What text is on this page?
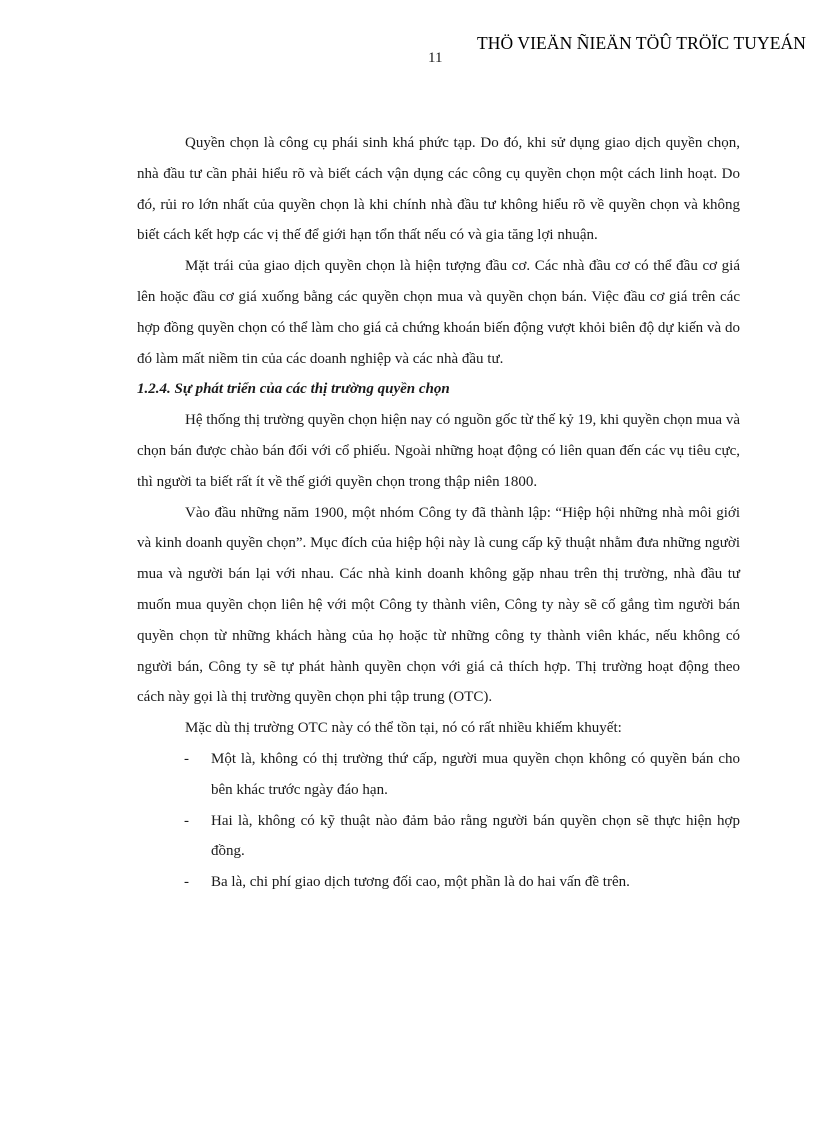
THÖ VIEÄN ÑIEÄN TÖÛ TRÖÏC TUYEÁN
11

Quyền chọn là công cụ phái sinh khá phức tạp. Do đó, khi sử dụng giao dịch quyền chọn, nhà đầu tư cần phải hiểu rõ và biết cách vận dụng các công cụ quyền chọn một cách linh hoạt. Do đó, rủi ro lớn nhất của quyền chọn là khi chính nhà đầu tư không hiểu rõ về quyền chọn và không biết cách kết hợp các vị thế để giới hạn tổn thất nếu có và gia tăng lợi nhuận.

Mặt trái của giao dịch quyền chọn là hiện tượng đầu cơ. Các nhà đầu cơ có thể đầu cơ giá lên hoặc đầu cơ giá xuống bằng các quyền chọn mua và quyền chọn bán. Việc đầu cơ giá trên các hợp đồng quyền chọn có thể làm cho giá cả chứng khoán biến động vượt khỏi biên độ dự kiến và do đó làm mất niềm tin của các doanh nghiệp và các nhà đầu tư.

1.2.4. Sự phát triển của các thị trường quyền chọn

Hệ thống thị trường quyền chọn hiện nay có nguồn gốc từ thế kỷ 19, khi quyền chọn mua và chọn bán được chào bán đối với cổ phiếu. Ngoài những hoạt động có liên quan đến các vụ tiêu cực, thì người ta biết rất ít về thế giới quyền chọn trong thập niên 1800.

Vào đầu những năm 1900, một nhóm Công ty đã thành lập: “Hiệp hội những nhà môi giới và kinh doanh quyền chọn”. Mục đích của hiệp hội này là cung cấp kỹ thuật nhằm đưa những người mua và người bán lại với nhau. Các nhà kinh doanh không gặp nhau trên thị trường, nhà đầu tư muốn mua quyền chọn liên hệ với một Công ty thành viên, Công ty này sẽ cố gắng tìm người bán quyền chọn từ những khách hàng của họ hoặc từ những công ty thành viên khác, nếu không có người bán, Công ty sẽ tự phát hành quyền chọn với giá cả thích hợp. Thị trường hoạt động theo cách này gọi là thị trường quyền chọn phi tập trung (OTC).

Mặc dù thị trường OTC này có thể tồn tại, nó có rất nhiều khiếm khuyết:

- Một là, không có thị trường thứ cấp, người mua quyền chọn không có quyền bán cho bên khác trước ngày đáo hạn.
- Hai là, không có kỹ thuật nào đảm bảo rằng người bán quyền chọn sẽ thực hiện hợp đồng.
- Ba là, chi phí giao dịch tương đối cao, một phần là do hai vấn đề trên.
